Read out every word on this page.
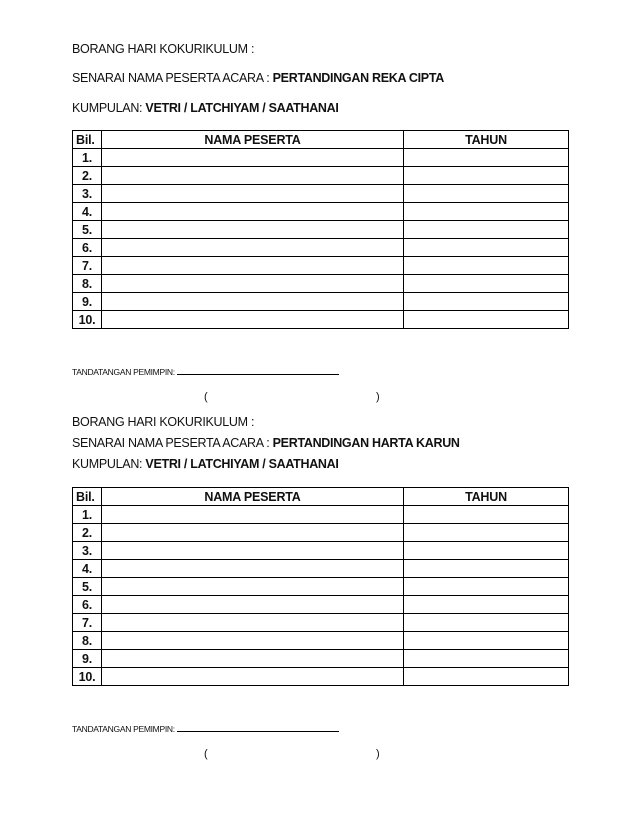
BORANG HARI KOKURIKULUM :
SENARAI NAMA PESERTA ACARA : PERTANDINGAN REKA CIPTA
KUMPULAN: VETRI / LATCHIYAM / SAATHANAI
Bil.	NAMA PESERTA	TAHUN
1.		
2.		
3.		
4.		
5.		
6.		
7.		
8.		
9.		
10.		
TANDATANGAN PEMIMPIN:
(	)
BORANG HARI KOKURIKULUM :
SENARAI NAMA PESERTA ACARA : PERTANDINGAN HARTA KARUN
KUMPULAN: VETRI / LATCHIYAM / SAATHANAI
Bil.	NAMA PESERTA	TAHUN
1.		
2.		
3.		
4.		
5.		
6.		
7.		
8.		
9.		
10.		
TANDATANGAN PEMIMPIN:
(	)
